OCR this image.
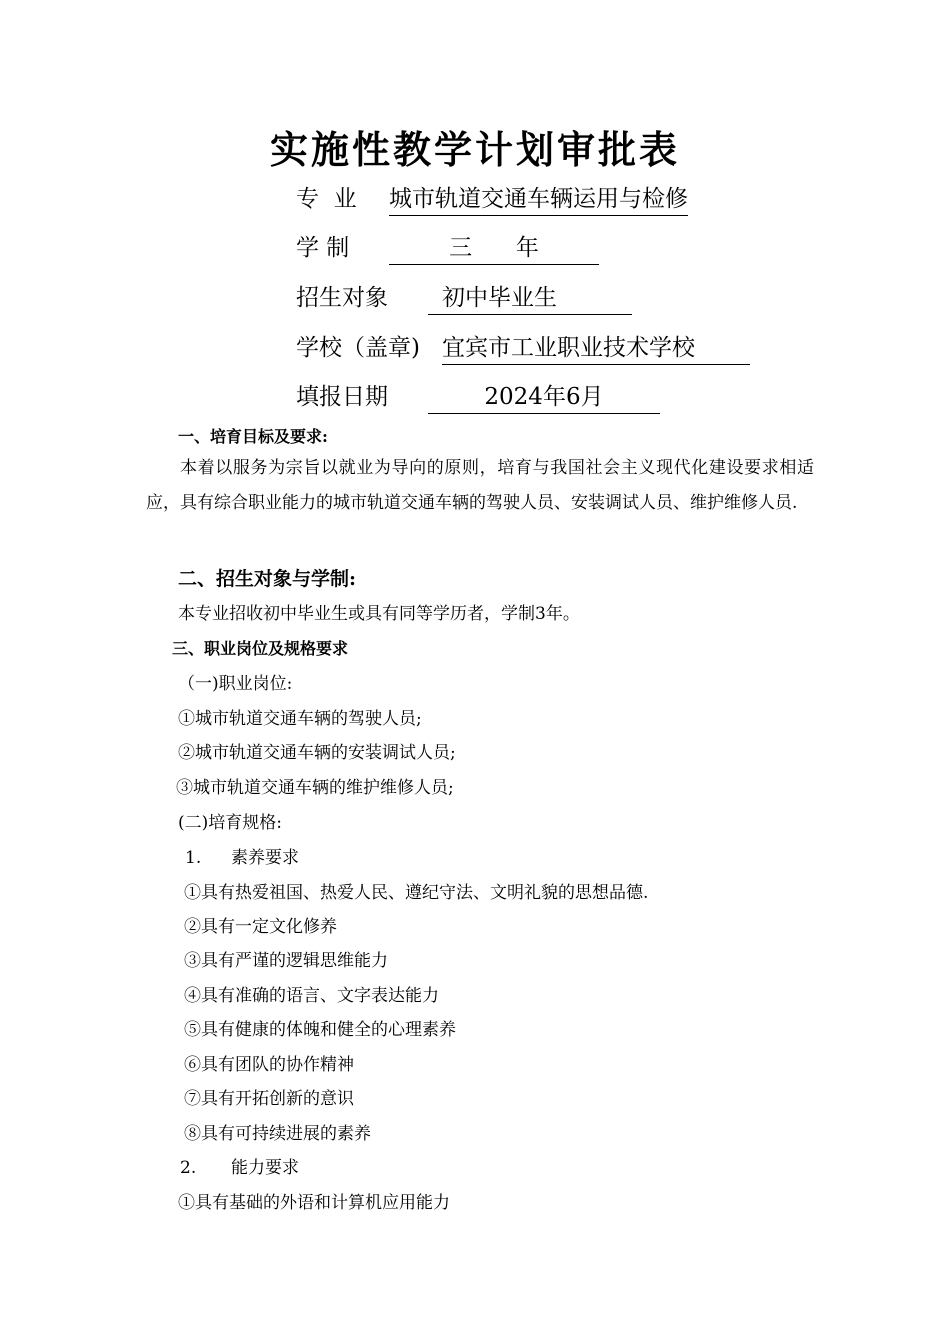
实施性教学计划审批表
专  业 城市轨道交通车辆运用与检修
学 制	三      年
招生对象 初中毕业生
学校（盖章) 宜宾市工业职业技术学校
填报日期	2024年6月
一、培育目标及要求:
本着以服务为宗旨以就业为导向的原则，培育与我国社会主义现代化建设要求相适应，具有综合职业能力的城市轨道交通车辆的驾驶人员、安装调试人员、维护维修人员.
二、招生对象与学制:
本专业招收初中毕业生或具有同等学历者，学制3年。
三、职业岗位及规格要求
（一)职业岗位:
①城市轨道交通车辆的驾驶人员;
②城市轨道交通车辆的安装调试人员;
③城市轨道交通车辆的维护维修人员;
(二)培育规格:
1. 素养要求
①具有热爱祖国、热爱人民、遵纪守法、文明礼貌的思想品德.
②具有一定文化修养
③具有严谨的逻辑思维能力
④具有准确的语言、文字表达能力
⑤具有健康的体魄和健全的心理素养
⑥具有团队的协作精神
⑦具有开拓创新的意识
⑧具有可持续进展的素养
2. 能力要求
①具有基础的外语和计算机应用能力
